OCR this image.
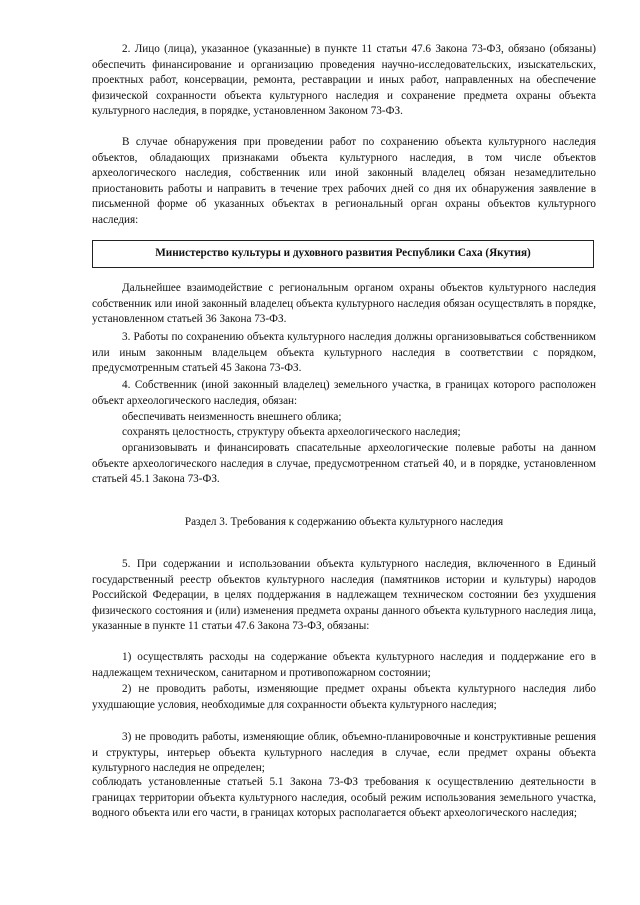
2. Лицо (лица), указанное (указанные) в пункте 11 статьи 47.6 Закона 73-ФЗ, обязано (обязаны) обеспечить финансирование и организацию проведения научно-исследовательских, изыскательских, проектных работ, консервации, ремонта, реставрации и иных работ, направленных на обеспечение физической сохранности объекта культурного наследия и сохранение предмета охраны объекта культурного наследия, в порядке, установленном Законом 73-ФЗ.

В случае обнаружения при проведении работ по сохранению объекта культурного наследия объектов, обладающих признаками объекта культурного наследия, в том числе объектов археологического наследия, собственник или иной законный владелец обязан незамедлительно приостановить работы и направить в течение трех рабочих дней со дня их обнаружения заявление в письменной форме об указанных объектах в региональный орган охраны объектов культурного наследия:

Министерство культуры и духовного развития Республики Саха (Якутия)

Дальнейшее взаимодействие с региональным органом охраны объектов культурного наследия собственник или иной законный владелец объекта культурного наследия обязан осуществлять в порядке, установленном статьей 36 Закона 73-ФЗ.

3. Работы по сохранению объекта культурного наследия должны организовываться собственником или иным законным владельцем объекта культурного наследия в соответствии с порядком, предусмотренным статьей 45 Закона 73-ФЗ.

4. Собственник (иной законный владелец) земельного участка, в границах которого расположен объект археологического наследия, обязан:

обеспечивать неизменность внешнего облика;

сохранять целостность, структуру объекта археологического наследия;

организовывать и финансировать спасательные археологические полевые работы на данном объекте археологического наследия в случае, предусмотренном статьей 40, и в порядке, установленном статьей 45.1 Закона 73-ФЗ.

Раздел 3. Требования к содержанию объекта культурного наследия

5. При содержании и использовании объекта культурного наследия, включенного в Единый государственный реестр объектов культурного наследия (памятников истории и культуры) народов Российской Федерации, в целях поддержания в надлежащем техническом состоянии без ухудшения физического состояния и (или) изменения предмета охраны данного объекта культурного наследия лица, указанные в пункте 11 статьи 47.6 Закона 73-ФЗ, обязаны:

1) осуществлять расходы на содержание объекта культурного наследия и поддержание его в надлежащем техническом, санитарном и противопожарном состоянии;

2) не проводить работы, изменяющие предмет охраны объекта культурного наследия либо ухудшающие условия, необходимые для сохранности объекта культурного наследия;

3) не проводить работы, изменяющие облик, объемно-планировочные и конструктивные решения и структуры, интерьер объекта культурного наследия в случае, если предмет охраны объекта культурного наследия не определен;

соблюдать установленные статьей 5.1 Закона 73-ФЗ требования к осуществлению деятельности в границах территории объекта культурного наследия, особый режим использования земельного участка, водного объекта или его части, в границах которых располагается объект археологического наследия;
